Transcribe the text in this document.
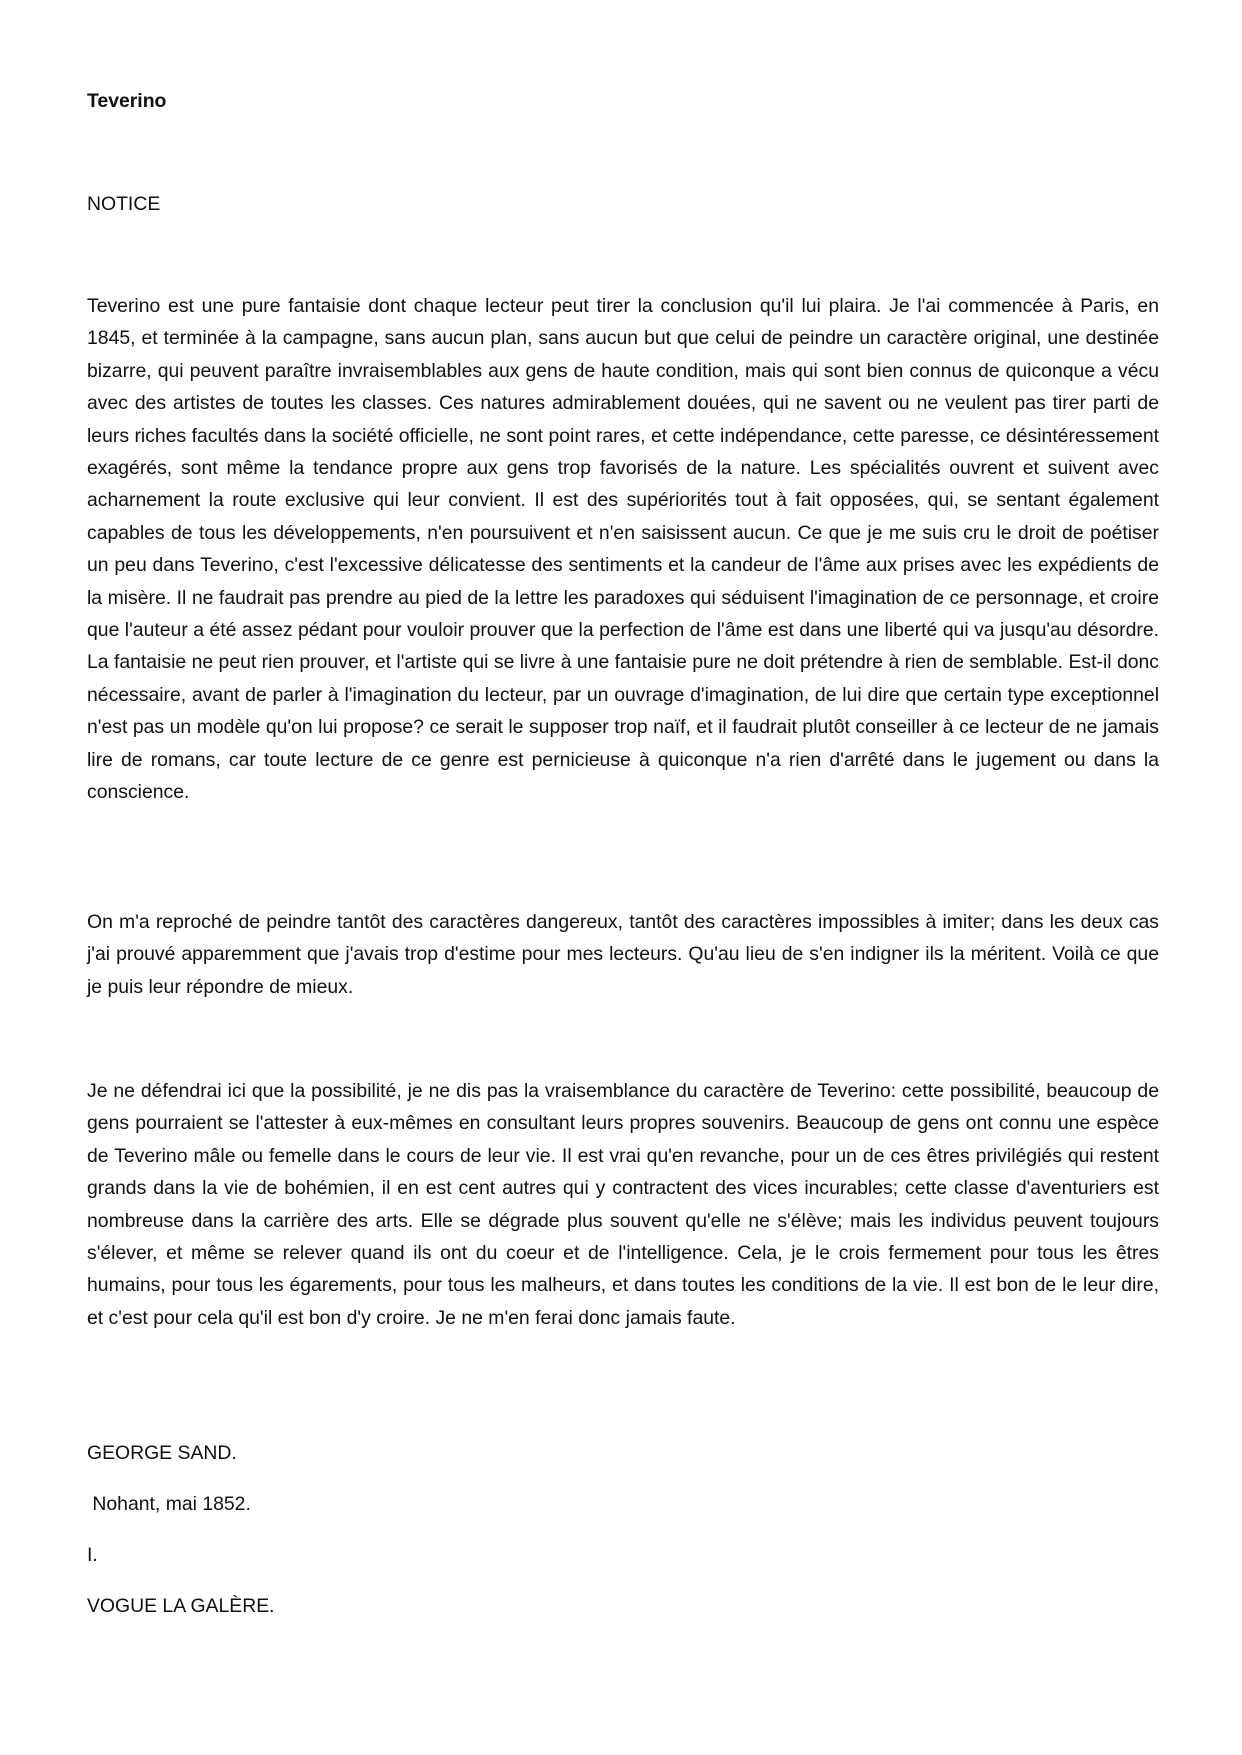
Teverino
NOTICE

Teverino est une pure fantaisie dont chaque lecteur peut tirer la conclusion qu'il lui plaira. Je l'ai commencée à Paris, en 1845, et terminée à la campagne, sans aucun plan, sans aucun but que celui de peindre un caractère original, une destinée bizarre, qui peuvent paraître invraisemblables aux gens de haute condition, mais qui sont bien connus de quiconque a vécu avec des artistes de toutes les classes. Ces natures admirablement douées, qui ne savent ou ne veulent pas tirer parti de leurs riches facultés dans la société officielle, ne sont point rares, et cette indépendance, cette paresse, ce désintéressement exagérés, sont même la tendance propre aux gens trop favorisés de la nature. Les spécialités ouvrent et suivent avec acharnement la route exclusive qui leur convient. Il est des supériorités tout à fait opposées, qui, se sentant également capables de tous les développements, n'en poursuivent et n'en saisissent aucun. Ce que je me suis cru le droit de poétiser un peu dans Teverino, c'est l'excessive délicatesse des sentiments et la candeur de l'âme aux prises avec les expédients de la misère. Il ne faudrait pas prendre au pied de la lettre les paradoxes qui séduisent l'imagination de ce personnage, et croire que l'auteur a été assez pédant pour vouloir prouver que la perfection de l'âme est dans une liberté qui va jusqu'au désordre. La fantaisie ne peut rien prouver, et l'artiste qui se livre à une fantaisie pure ne doit prétendre à rien de semblable. Est-il donc nécessaire, avant de parler à l'imagination du lecteur, par un ouvrage d'imagination, de lui dire que certain type exceptionnel n'est pas un modèle qu'on lui propose? ce serait le supposer trop naïf, et il faudrait plutôt conseiller à ce lecteur de ne jamais lire de romans, car toute lecture de ce genre est pernicieuse à quiconque n'a rien d'arrêté dans le jugement ou dans la conscience.

On m'a reproché de peindre tantôt des caractères dangereux, tantôt des caractères impossibles à imiter; dans les deux cas j'ai prouvé apparemment que j'avais trop d'estime pour mes lecteurs. Qu'au lieu de s'en indigner ils la méritent. Voilà ce que je puis leur répondre de mieux.

Je ne défendrai ici que la possibilité, je ne dis pas la vraisemblance du caractère de Teverino: cette possibilité, beaucoup de gens pourraient se l'attester à eux-mêmes en consultant leurs propres souvenirs. Beaucoup de gens ont connu une espèce de Teverino mâle ou femelle dans le cours de leur vie. Il est vrai qu'en revanche, pour un de ces êtres privilégiés qui restent grands dans la vie de bohémien, il en est cent autres qui y contractent des vices incurables; cette classe d'aventuriers est nombreuse dans la carrière des arts. Elle se dégrade plus souvent qu'elle ne s'élève; mais les individus peuvent toujours s'élever, et même se relever quand ils ont du coeur et de l'intelligence. Cela, je le crois fermement pour tous les êtres humains, pour tous les égarements, pour tous les malheurs, et dans toutes les conditions de la vie. Il est bon de le leur dire, et c'est pour cela qu'il est bon d'y croire. Je ne m'en ferai donc jamais faute.

GEORGE SAND.
Nohant, mai 1852.
I.
VOGUE LA GALÈRE.
